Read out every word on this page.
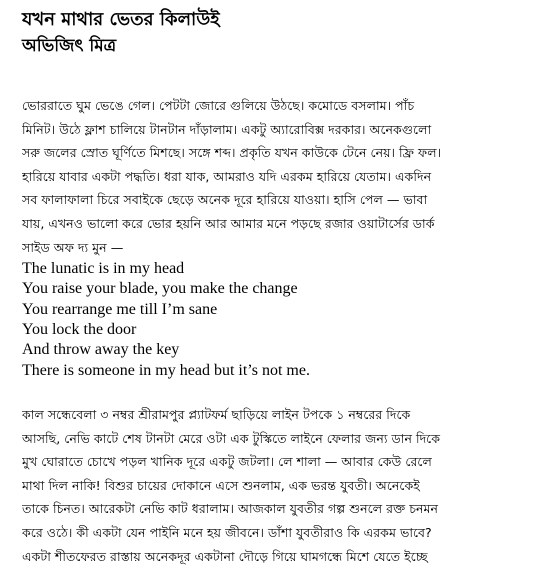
যখন মাথার ভেতর কিলাউই
অভিজিৎ মিত্র
ভোররাতে ঘুম ভেঙে গেল। পেটটা জোরে গুলিয়ে উঠছে। কমোডে বসলাম। পাঁচ
মিনিট। উঠে ফ্লাশ চালিয়ে টানটান দাঁড়ালাম। একটু অ্যারোবিক্স দরকার। অনেকগুলো
সরু জলের স্রোত ঘূর্ণিতে মিশছে। সঙ্গে শব্দ। প্রকৃতি যখন কাউকে টেনে নেয়। ফ্রি ফল।
হারিয়ে যাবার একটা পদ্ধতি। ধরা যাক, আমরাও যদি এরকম হারিয়ে যেতাম। একদিন
সব ফালাফালা চিরে সবাইকে ছেড়ে অনেক দূরে হারিয়ে যাওয়া। হাসি পেল — ভাবা
যায়, এখনও ভালো করে ভোর হয়নি আর আমার মনে পড়ছে রজার ওয়াটার্সের ডার্ক
সাইড অফ দ্য মুন —
The lunatic is in my head
You raise your blade, you make the change
You rearrange me till I’m sane
You lock the door
And throw away the key
There is someone in my head but it’s not me.
কাল সন্ধেবেলা ৩ নম্বর শ্রীরামপুর প্ল্যাটফর্ম ছাড়িয়ে লাইন টপকে ১ নম্বরের দিকে
আসছি, নেভি কাটে শেষ টানটা মেরে ওটা এক টুস্কিতে লাইনে ফেলার জন্য ডান দিকে
মুখ ঘোরাতে চোখে পড়ল খানিক দূরে একটু জটলা। লে শালা — আবার কেউ রেলে
মাথা দিল নাকি! বিশুর চায়ের দোকানে এসে শুনলাম, এক ভরন্ত যুবতী। অনেকেই
তাকে চিনত। আরেকটা নেভি কাট ধরালাম। আজকাল যুবতীর গল্প শুনলে রক্ত চনমন
করে ওঠে। কী একটা যেন পাইনি মনে হয় জীবনে। ডাঁশা যুবতীরাও কি এরকম ভাবে?
একটা শীতফেরত রাস্তায় অনেকদূর একটানা দৌড়ে গিয়ে ঘামগন্ধে মিশে যেতে ইচ্ছে
